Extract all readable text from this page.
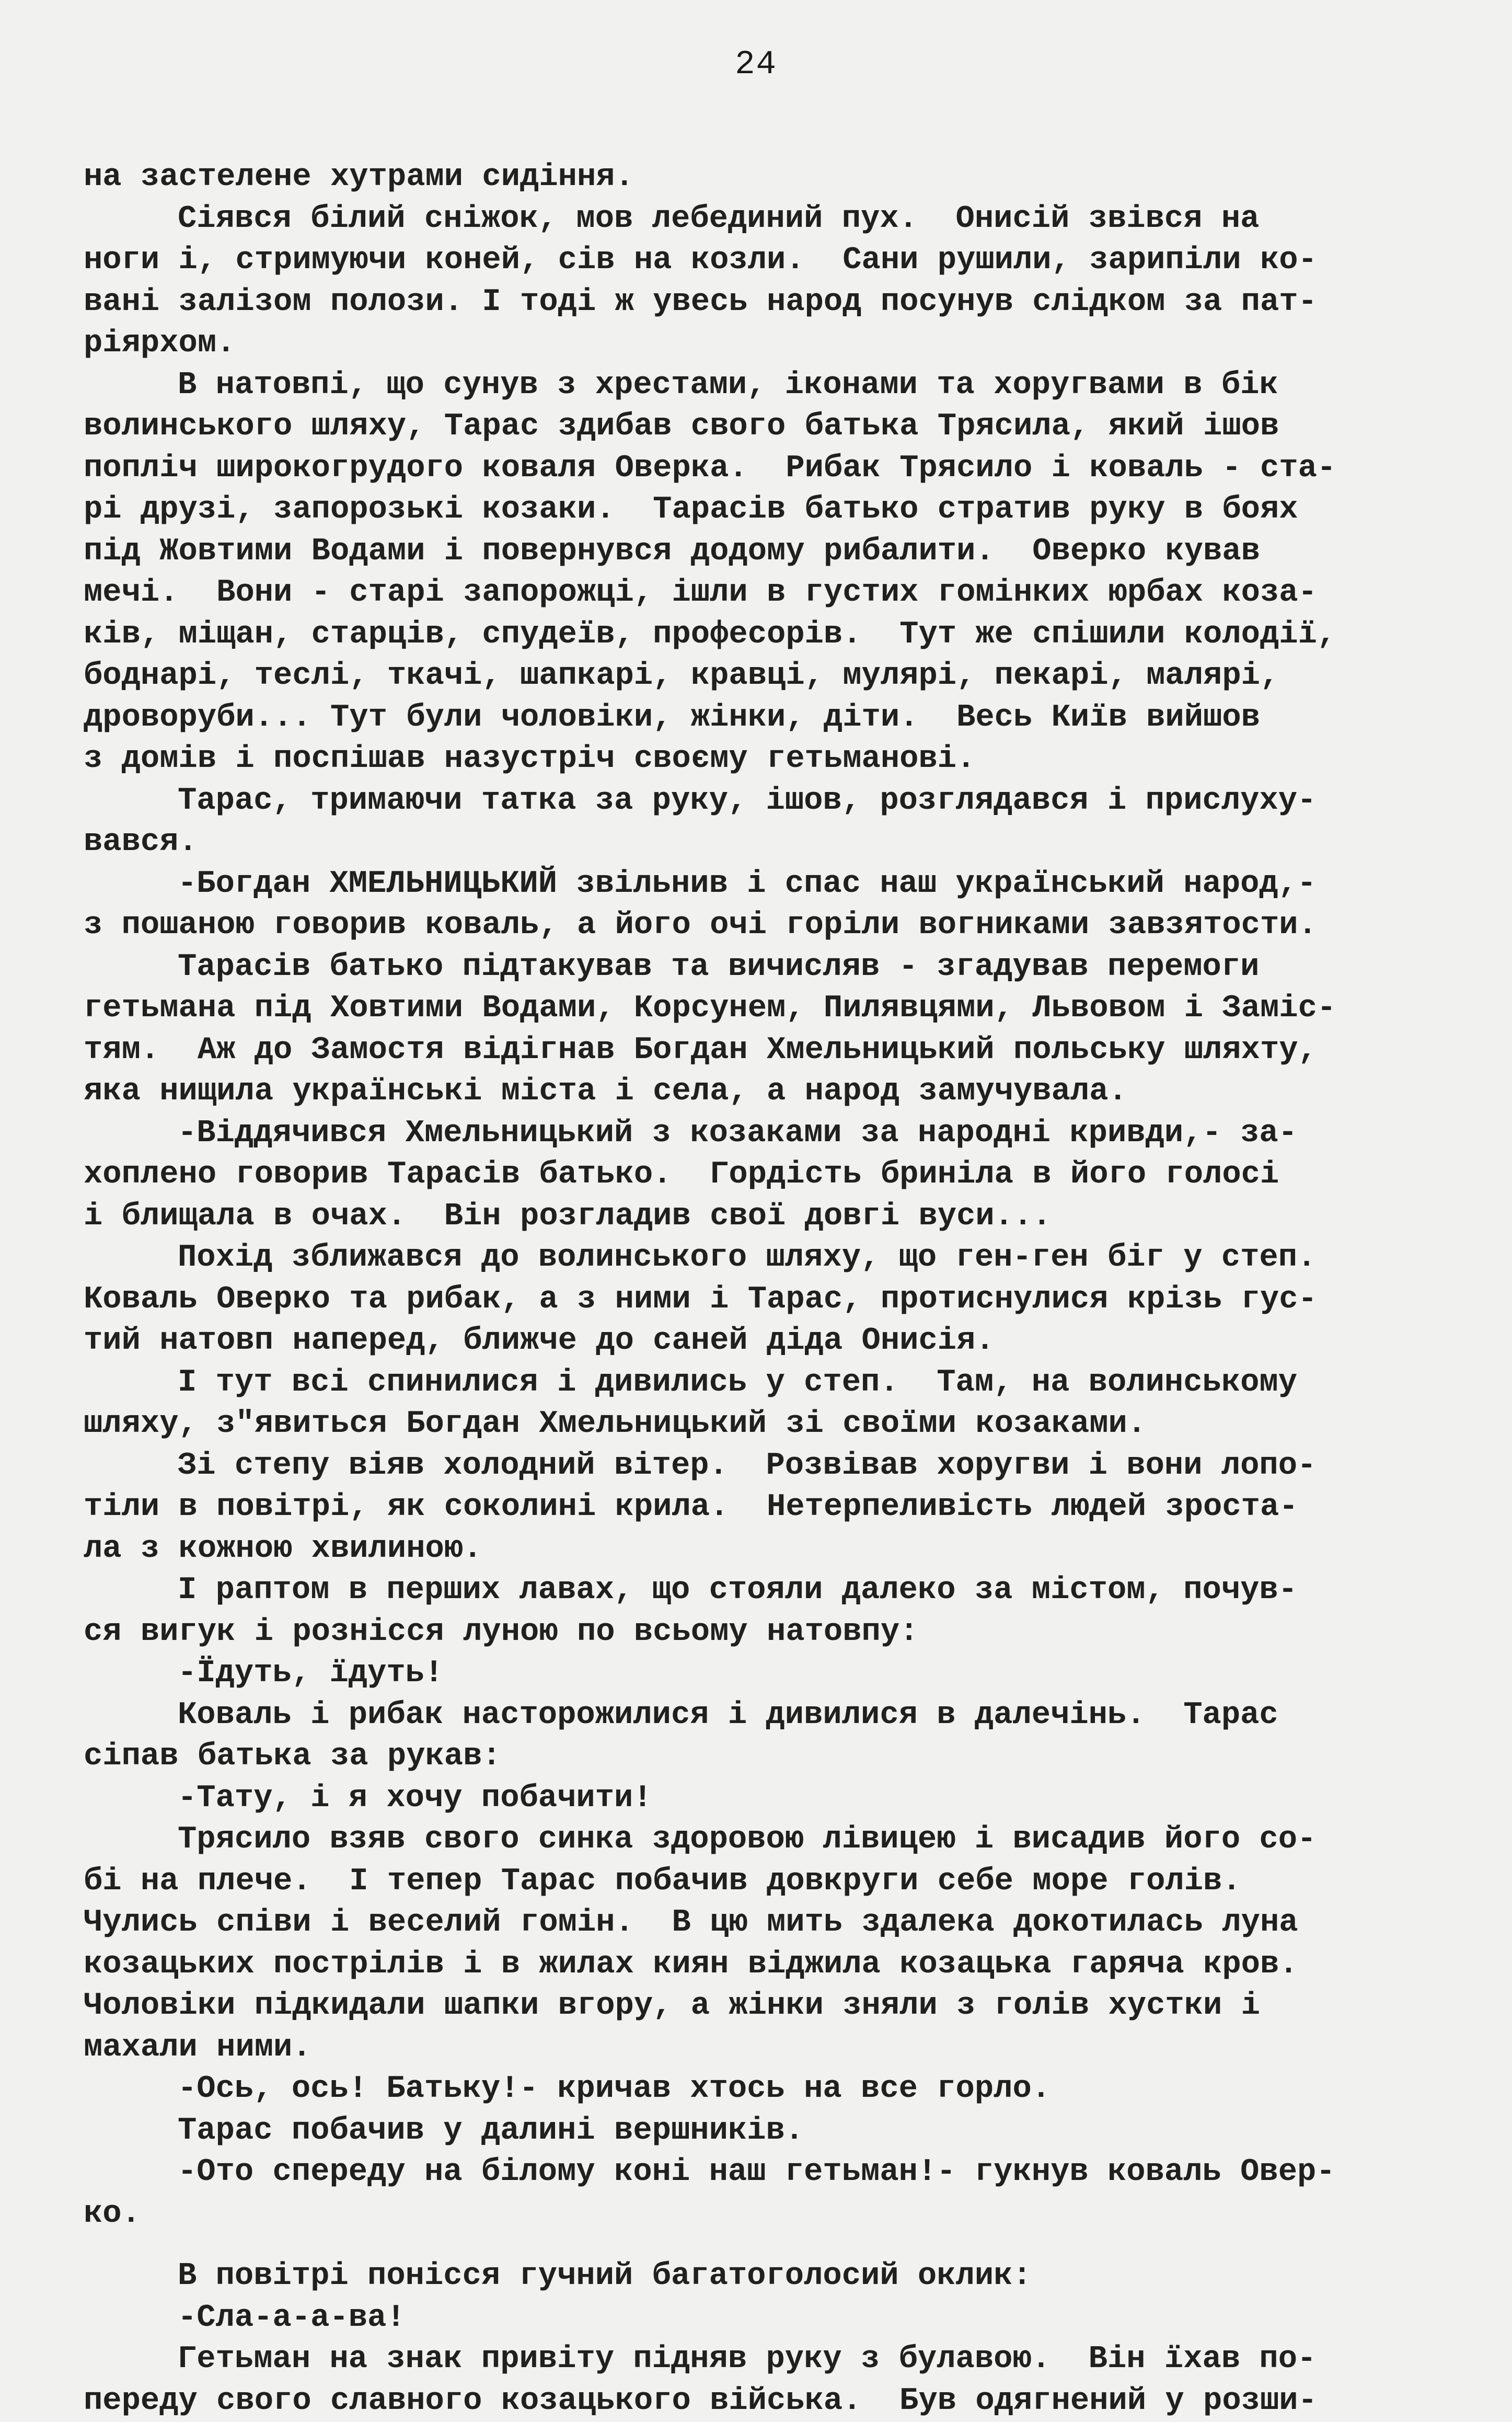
24
на застелене хутрами сидіння.
Сіявся білий сніжок, мов лебединий пух.  Онисій звівся на
ноги і, стримуючи коней, сів на козли.  Сани рушили, зарипіли ко-
вані залізом полози. І тоді ж увесь народ посунув слідком за пат-
ріярхом.
В натовпі, що сунув з хрестами, іконами та хоругвами в бік
волинського шляху, Тарас здибав свого батька Трясила, який ішов
попліч широкогрудого коваля Оверка.  Рибак Трясило і коваль - ста-
рі друзі, запорозькі козаки.  Тарасів батько стратив руку в боях
під Жовтими Водами і повернувся додому рибалити.  Оверко кував
мечі.  Вони - старі запорожці, ішли в густих гомінких юрбах коза-
ків, міщан, старців, спудеїв, професорів.  Тут же спішили колодії,
боднарі, теслі, ткачі, шапкарі, кравці, мулярі, пекарі, малярі,
дроворуби... Тут були чоловіки, жінки, діти.  Весь Київ вийшов
з домів і поспішав назустріч своєму гетьманові.
Тарас, тримаючи татка за руку, ішов, розглядався і прислуху-
вався.
-Богдан ХМЕЛЬНИЦЬКИЙ звільнив і спас наш український народ,-
з пошаною говорив коваль, а його очі горіли вогниками завзятости.
Тарасів батько підтакував та вичисляв - згадував перемоги
гетьмана під Ховтими Водами, Корсунем, Пилявцями, Львовом і Заміс-
тям.  Аж до Замостя відігнав Богдан Хмельницький польську шляхту,
яка нищила українські міста і села, а народ замучувала.
-Віддячився Хмельницький з козаками за народні кривди,- за-
хоплено говорив Тарасів батько.  Гордість бриніла в його голосі
і блищала в очах.  Він розгладив свої довгі вуси...
Похід зближався до волинського шляху, що ген-ген біг у степ.
Коваль Оверко та рибак, а з ними і Тарас, протиснулися крізь гус-
тий натовп наперед, ближче до саней діда Онисія.
І тут всі спинилися і дивились у степ.  Там, на волинському
шляху, з"явиться Богдан Хмельницький зі своїми козаками.
Зі степу віяв холодний вітер.  Розвівав хоругви і вони лопо-
тіли в повітрі, як соколині крила.  Нетерпеливість людей зроста-
ла з кожною хвилиною.
І раптом в перших лавах, що стояли далеко за містом, почув-
ся вигук і рознісся луною по всьому натовпу:
-Їдуть, їдуть!
Коваль і рибак насторожилися і дивилися в далечінь.  Тарас
сіпав батька за рукав:
-Тату, і я хочу побачити!
Трясило взяв свого синка здоровою лівицею і висадив його со-
бі на плече.  І тепер Тарас побачив довкруги себе море голів.
Чулись співи і веселий гомін.  В цю мить здалека докотилась луна
козацьких пострілів і в жилах киян віджила козацька гаряча кров.
Чоловіки підкидали шапки вгору, а жінки зняли з голів хустки і
махали ними.
-Ось, ось! Батьку!- кричав хтось на все горло.
Тарас побачив у далині вершників.
-Ото спереду на білому коні наш гетьман!- гукнув коваль Овер-
ко.
В повітрі понісся гучний багатоголосий оклик:
-Сла-а-а-ва!
Гетьман на знак привіту підняв руку з булавою.  Він їхав по-
переду свого славного козацького війська.  Був одягнений у розши-
